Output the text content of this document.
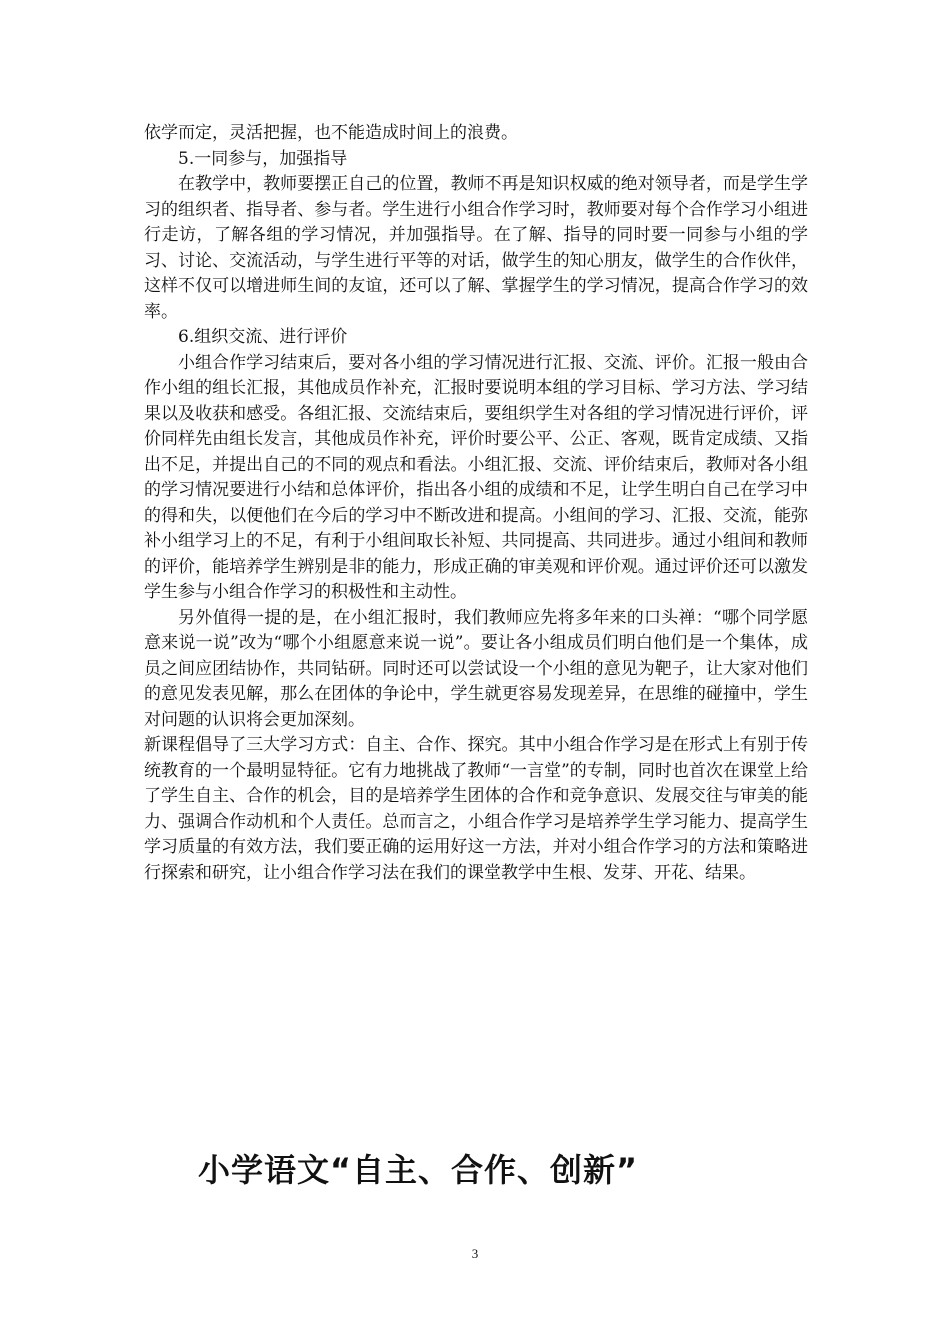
依学而定，灵活把握，也不能造成时间上的浪费。

5.一同参与，加强指导

在教学中，教师要摆正自己的位置，教师不再是知识权威的绝对领导者，而是学生学习的组织者、指导者、参与者。学生进行小组合作学习时，教师要对每个合作学习小组进行走访，了解各组的学习情况，并加强指导。在了解、指导的同时要一同参与小组的学习、讨论、交流活动，与学生进行平等的对话，做学生的知心朋友，做学生的合作伙伴，这样不仅可以增进师生间的友谊，还可以了解、掌握学生的学习情况，提高合作学习的效率。

6.组织交流、进行评价

小组合作学习结束后，要对各小组的学习情况进行汇报、交流、评价。汇报一般由合作小组的组长汇报，其他成员作补充，汇报时要说明本组的学习目标、学习方法、学习结果以及收获和感受。各组汇报、交流结束后，要组织学生对各组的学习情况进行评价，评价同样先由组长发言，其他成员作补充，评价时要公平、公正、客观，既肯定成绩、又指出不足，并提出自己的不同的观点和看法。小组汇报、交流、评价结束后，教师对各小组的学习情况要进行小结和总体评价，指出各小组的成绩和不足，让学生明白自己在学习中的得和失，以便他们在今后的学习中不断改进和提高。小组间的学习、汇报、交流，能弥补小组学习上的不足，有利于小组间取长补短、共同提高、共同进步。通过小组间和教师的评价，能培养学生辨别是非的能力，形成正确的审美观和评价观。通过评价还可以激发学生参与小组合作学习的积极性和主动性。

另外值得一提的是，在小组汇报时，我们教师应先将多年来的口头禅：“哪个同学愿意来说一说”改为“哪个小组愿意来说一说”。要让各小组成员们明白他们是一个集体，成员之间应团结协作，共同钻研。同时还可以尝试设一个小组的意见为靶子，让大家对他们的意见发表见解，那么在团体的争论中，学生就更容易发现差异，在思维的碰撞中，学生对问题的认识将会更加深刻。

新课程倡导了三大学习方式：自主、合作、探究。其中小组合作学习是在形式上有别于传统教育的一个最明显特征。它有力地挑战了教师“一言堂”的专制，同时也首次在课堂上给了学生自主、合作的机会，目的是培养学生团体的合作和竞争意识、发展交往与审美的能力、强调合作动机和个人责任。总而言之，小组合作学习是培养学生学习能力、提高学生学习质量的有效方法，我们要正确的运用好这一方法，并对小组合作学习的方法和策略进行探索和研究，让小组合作学习法在我们的课堂教学中生根、发芽、开花、结果。

小学语文“自主、合作、创新”
3
